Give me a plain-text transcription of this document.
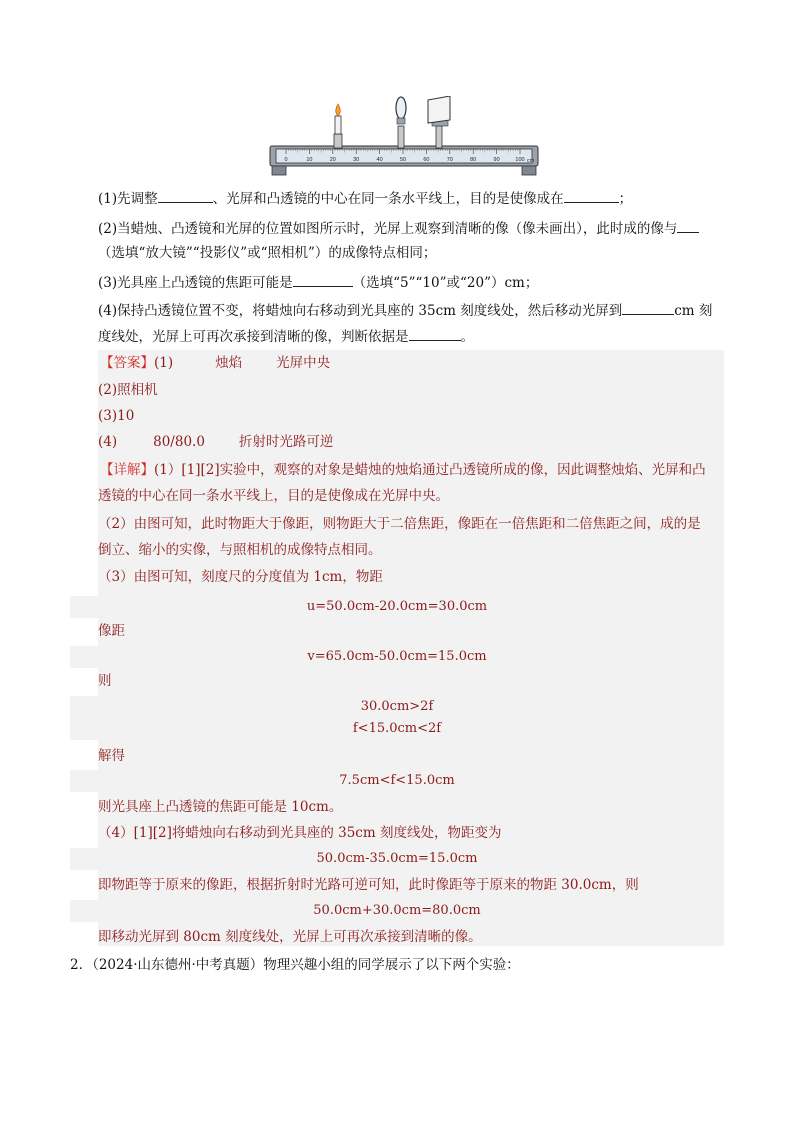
0	10	20	30	40	50	60	70	80	90	100 cm
(1)先调整	、光屏和凸透镜的中心在同一条水平线上，目的是使像成在	；
(2)当蜡烛、凸透镜和光屏的位置如图所示时，光屏上观察到清晰的像（像未画出），此时成的像与
（选填“放大镜”“投影仪”或“照相机”）的成像特点相同；
(3)光具座上凸透镜的焦距可能是	（选填“5”“10”或“20”）cm；
(4)保持凸透镜位置不变，将蜡烛向右移动到光具座的 35cm 刻度线处，然后移动光屏到	cm 刻
度线处，光屏上可再次承接到清晰的像，判断依据是	。
【答案】(1)	烛焰	光屏中央
(2)照相机
(3)10
(4)	80/80.0	折射时光路可逆
【详解】(1）[1][2]实验中，观察的对象是蜡烛的烛焰通过凸透镜所成的像，因此调整烛焰、光屏和凸
透镜的中心在同一条水平线上，目的是使像成在光屏中央。
（2）由图可知，此时物距大于像距，则物距大于二倍焦距，像距在一倍焦距和二倍焦距之间，成的是
倒立、缩小的实像，与照相机的成像特点相同。
（3）由图可知，刻度尺的分度值为 1cm，物距
u=50.0cm-20.0cm=30.0cm
像距
v=65.0cm-50.0cm=15.0cm
则
30.0cm>2f
f<15.0cm<2f
解得
7.5cm<f<15.0cm
则光具座上凸透镜的焦距可能是 10cm。
（4）[1][2]将蜡烛向右移动到光具座的 35cm 刻度线处，物距变为
50.0cm-35.0cm=15.0cm
即物距等于原来的像距，根据折射时光路可逆可知，此时像距等于原来的物距 30.0cm，则
50.0cm+30.0cm=80.0cm
即移动光屏到 80cm 刻度线处，光屏上可再次承接到清晰的像。
2．（2024·山东德州·中考真题）物理兴趣小组的同学展示了以下两个实验：
